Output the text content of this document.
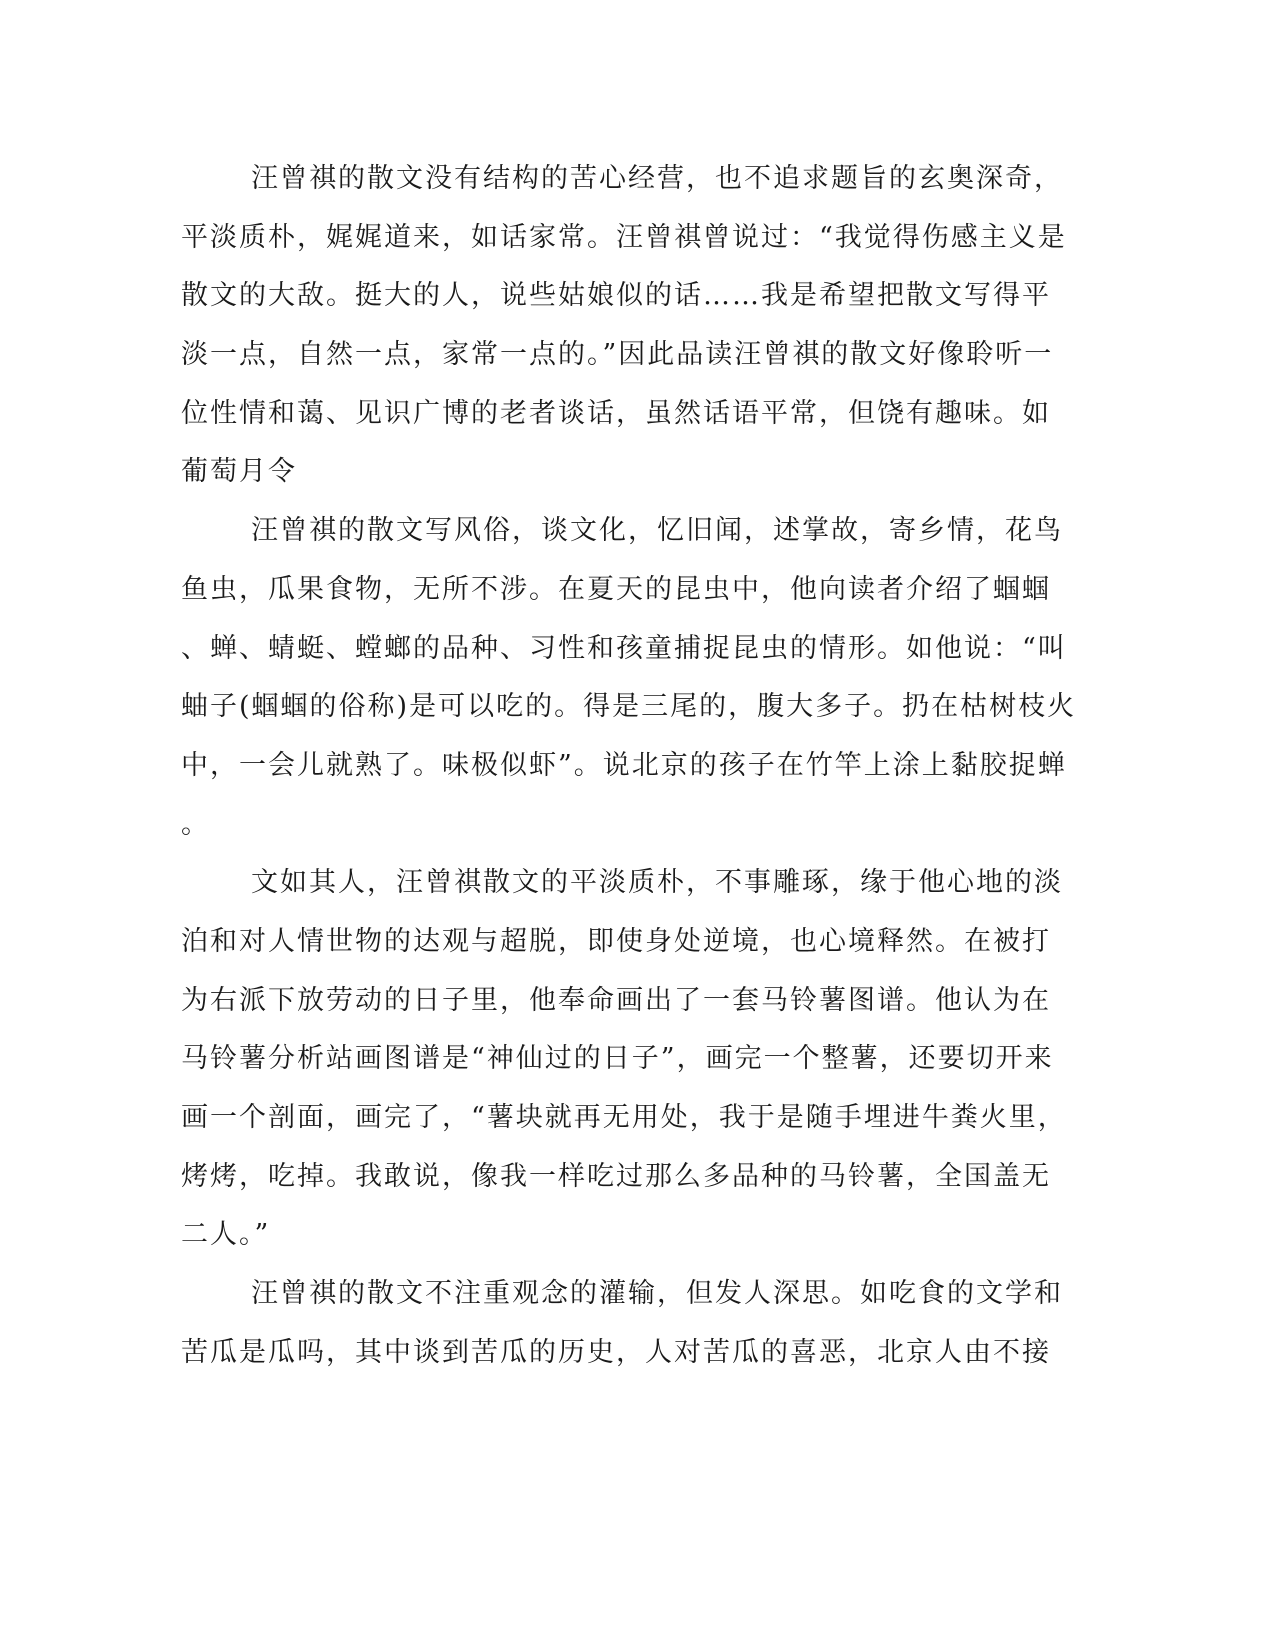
汪曾祺的散文没有结构的苦心经营，也不追求题旨的玄奥深奇，
平淡质朴，娓娓道来，如话家常。汪曾祺曾说过：“我觉得伤感主义是
散文的大敌。挺大的人，说些姑娘似的话……我是希望把散文写得平
淡一点，自然一点，家常一点的。”因此品读汪曾祺的散文好像聆听一
位性情和蔼、见识广博的老者谈话，虽然话语平常，但饶有趣味。如
葡萄月令
汪曾祺的散文写风俗，谈文化，忆旧闻，述掌故，寄乡情，花鸟
鱼虫，瓜果食物，无所不涉。在夏天的昆虫中，他向读者介绍了蝈蝈
、蝉、蜻蜓、螳螂的品种、习性和孩童捕捉昆虫的情形。如他说：“叫
蚰子(蝈蝈的俗称)是可以吃的。得是三尾的，腹大多子。扔在枯树枝火
中，一会儿就熟了。味极似虾”。说北京的孩子在竹竿上涂上黏胶捉蝉
。
文如其人，汪曾祺散文的平淡质朴，不事雕琢，缘于他心地的淡
泊和对人情世物的达观与超脱，即使身处逆境，也心境释然。在被打
为右派下放劳动的日子里，他奉命画出了一套马铃薯图谱。他认为在
马铃薯分析站画图谱是“神仙过的日子”，画完一个整薯，还要切开来
画一个剖面，画完了，“薯块就再无用处，我于是随手埋进牛粪火里，
烤烤，吃掉。我敢说，像我一样吃过那么多品种的马铃薯，全国盖无
二人。”
汪曾祺的散文不注重观念的灌输，但发人深思。如吃食的文学和
苦瓜是瓜吗，其中谈到苦瓜的历史，人对苦瓜的喜恶，北京人由不接
